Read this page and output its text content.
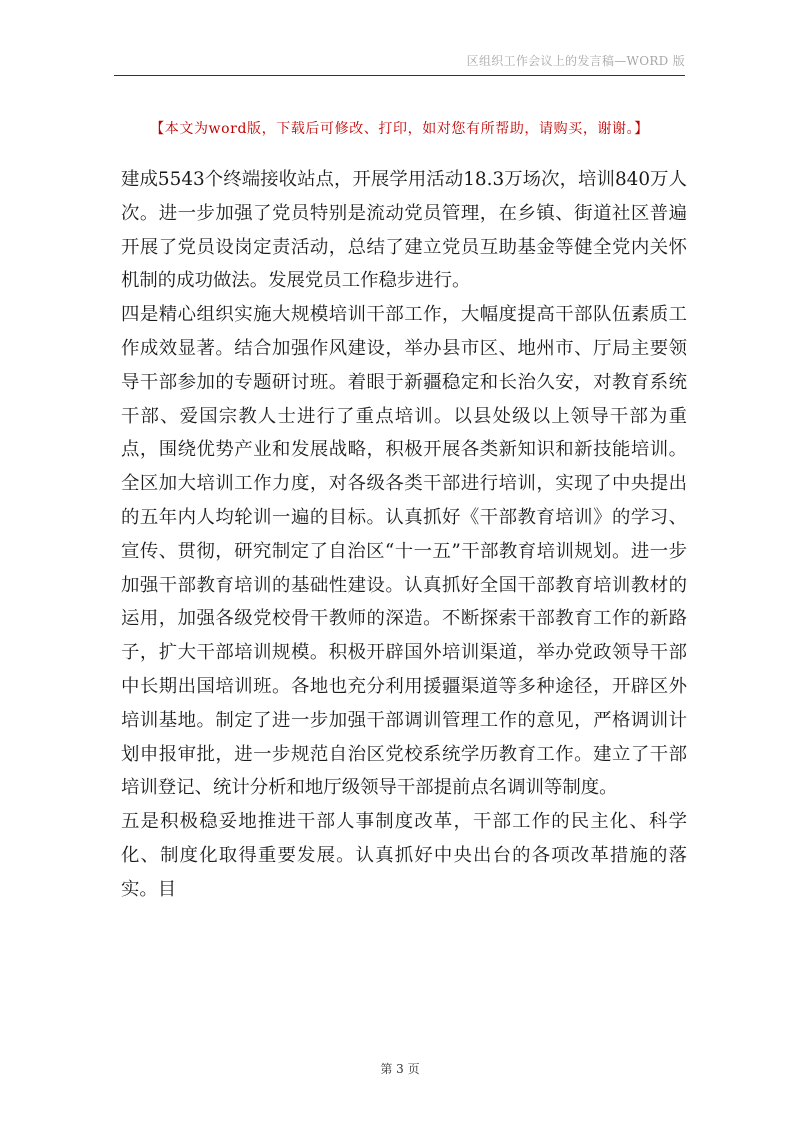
区组织工作会议上的发言稿—WORD 版
【本文为word版，下载后可修改、打印，如对您有所帮助，请购买，谢谢。】

建成5543个终端接收站点，开展学用活动18.3万场次，培训840万人次。进一步加强了党员特别是流动党员管理，在乡镇、街道社区普遍开展了党员设岗定责活动，总结了建立党员互助基金等健全党内关怀机制的成功做法。发展党员工作稳步进行。

四是精心组织实施大规模培训干部工作，大幅度提高干部队伍素质工作成效显著。结合加强作风建设，举办县市区、地州市、厅局主要领导干部参加的专题研讨班。着眼于新疆稳定和长治久安，对教育系统干部、爱国宗教人士进行了重点培训。以县处级以上领导干部为重点，围绕优势产业和发展战略，积极开展各类新知识和新技能培训。全区加大培训工作力度，对各级各类干部进行培训，实现了中央提出的五年内人均轮训一遍的目标。认真抓好《干部教育培训》的学习、宣传、贯彻，研究制定了自治区“十一五”干部教育培训规划。进一步加强干部教育培训的基础性建设。认真抓好全国干部教育培训教材的运用，加强各级党校骨干教师的深造。不断探索干部教育工作的新路子，扩大干部培训规模。积极开辟国外培训渠道，举办党政领导干部中长期出国培训班。各地也充分利用援疆渠道等多种途径，开辟区外培训基地。制定了进一步加强干部调训管理工作的意见，严格调训计划申报审批，进一步规范自治区党校系统学历教育工作。建立了干部培训登记、统计分析和地厅级领导干部提前点名调训等制度。

五是积极稳妥地推进干部人事制度改革，干部工作的民主化、科学化、制度化取得重要发展。认真抓好中央出台的各项改革措施的落实。目

第 3 页
